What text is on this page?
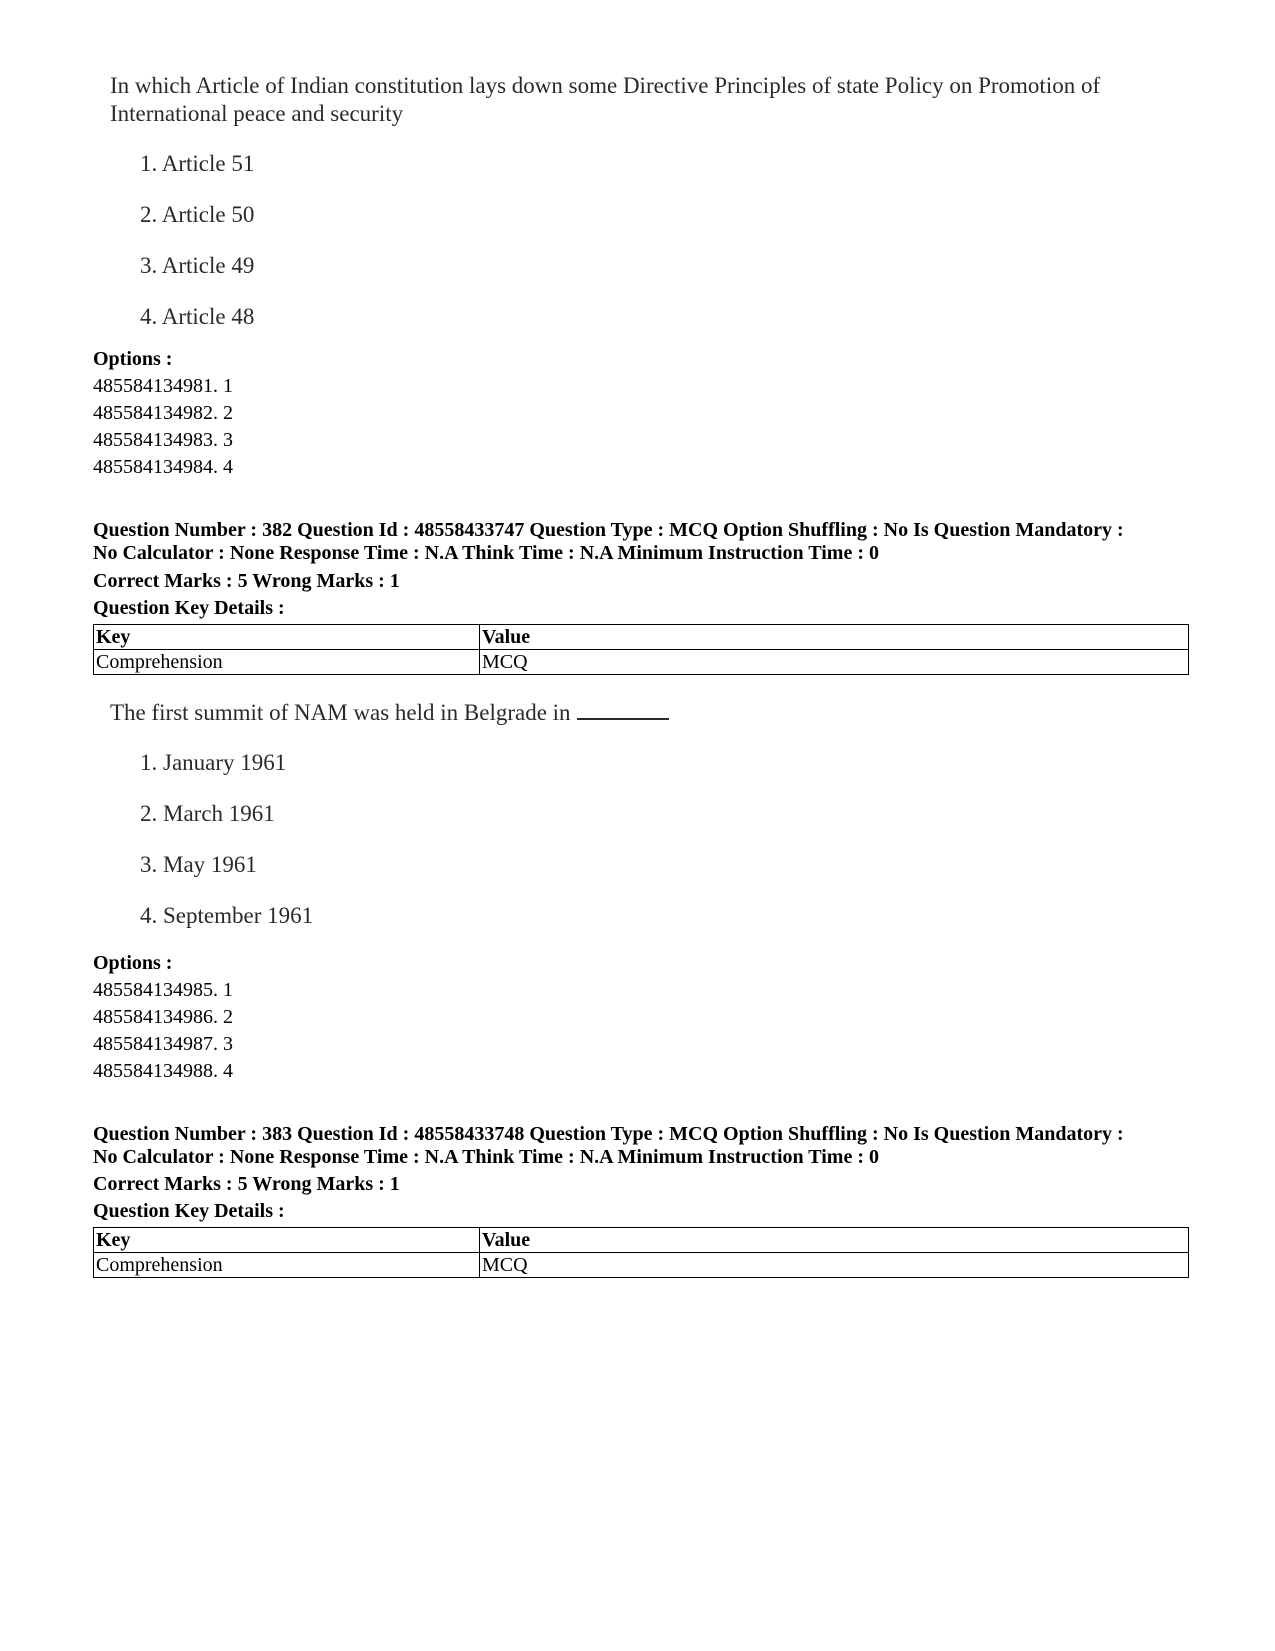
In which Article of Indian constitution lays down some Directive Principles of state Policy on Promotion of International peace and security
1. Article 51
2. Article 50
3. Article 49
4. Article 48
Options :
485584134981. 1
485584134982. 2
485584134983. 3
485584134984. 4
Question Number : 382 Question Id : 48558433747 Question Type : MCQ Option Shuffling : No Is Question Mandatory :
No Calculator : None Response Time : N.A Think Time : N.A Minimum Instruction Time : 0
Correct Marks : 5 Wrong Marks : 1
Question Key Details :
Key	Value
Comprehension	MCQ
The first summit of NAM was held in Belgrade in
1. January 1961
2. March 1961
3. May 1961
4. September 1961
Options :
485584134985. 1
485584134986. 2
485584134987. 3
485584134988. 4
Question Number : 383 Question Id : 48558433748 Question Type : MCQ Option Shuffling : No Is Question Mandatory :
No Calculator : None Response Time : N.A Think Time : N.A Minimum Instruction Time : 0
Correct Marks : 5 Wrong Marks : 1
Question Key Details :
Key	Value
Comprehension	MCQ
